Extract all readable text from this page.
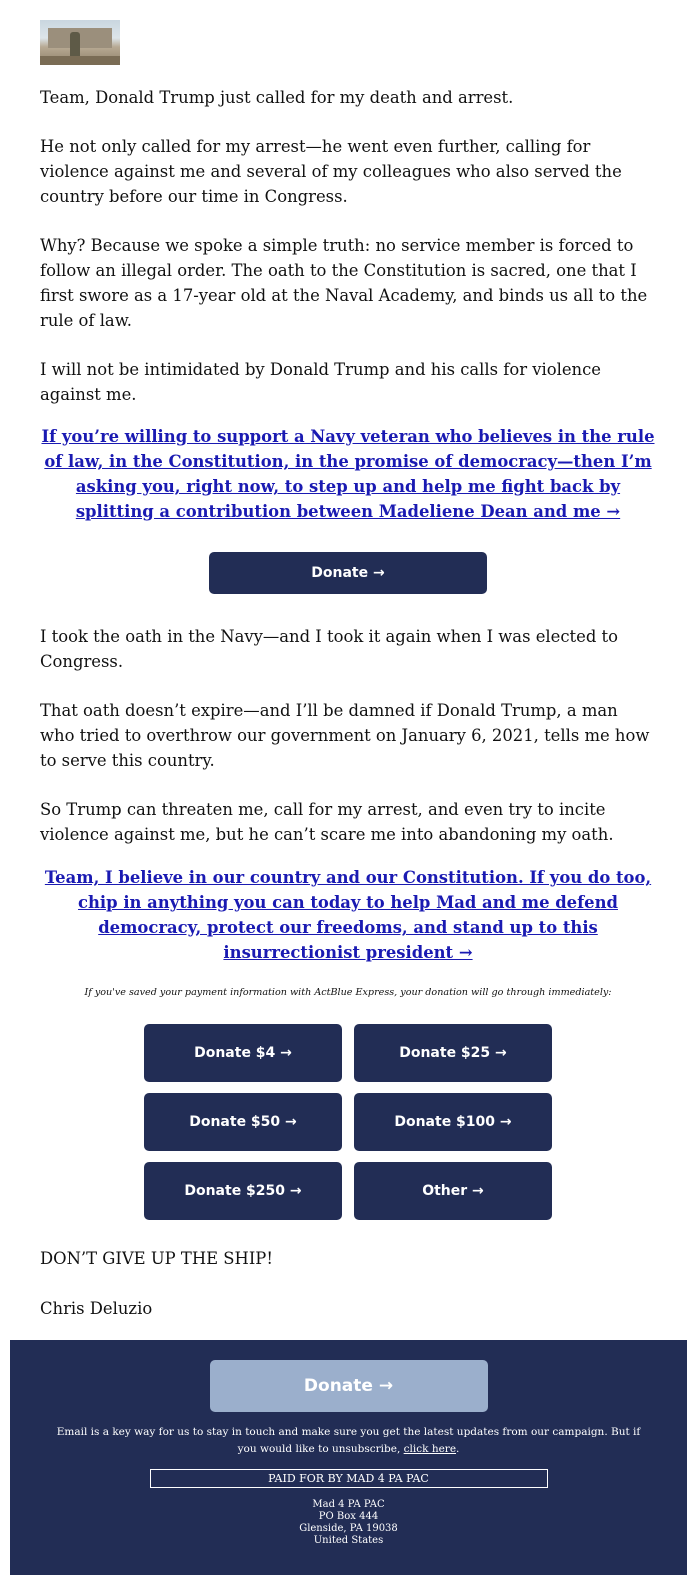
Team, Donald Trump just called for my death and arrest.

He not only called for my arrest—he went even further, calling for violence against me and several of my colleagues who also served the country before our time in Congress.

Why? Because we spoke a simple truth: no service member is forced to follow an illegal order. The oath to the Constitution is sacred, one that I first swore as a 17-year old at the Naval Academy, and binds us all to the rule of law.

I will not be intimidated by Donald Trump and his calls for violence against me.

If you’re willing to support a Navy veteran who believes in the rule of law, in the Constitution, in the promise of democracy—then I’m asking you, right now, to step up and help me fight back by splitting a contribution between Madeliene Dean and me →
Donate →

I took the oath in the Navy—and I took it again when I was elected to Congress.

That oath doesn’t expire—and I’ll be damned if Donald Trump, a man who tried to overthrow our government on January 6, 2021, tells me how to serve this country.

So Trump can threaten me, call for my arrest, and even try to incite violence against me, but he can’t scare me into abandoning my oath.

Team, I believe in our country and our Constitution. If you do too, chip in anything you can today to help Mad and me defend democracy, protect our freedoms, and stand up to this insurrectionist president →

If you've saved your payment information with ActBlue Express, your donation will go through immediately:

Donate $4 →	Donate $25 →
Donate $50 →	Donate $100 →
Donate $250 →	Other →

DON’T GIVE UP THE SHIP!

Chris Deluzio

Donate →
Email is a key way for us to stay in touch and make sure you get the latest updates from our campaign. But if you would like to unsubscribe, click here.
PAID FOR BY MAD 4 PA PAC
Mad 4 PA PAC
PO Box 444
Glenside, PA 19038
United States
